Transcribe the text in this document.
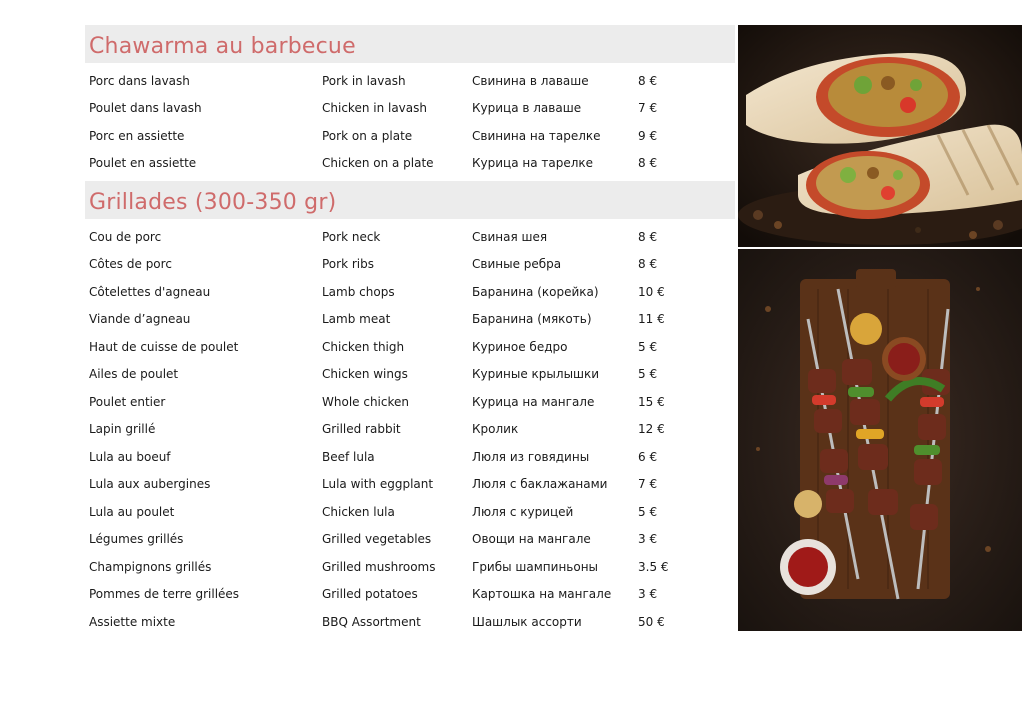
Chawarma au barbecue
Porc dans lavash	Pork in lavash	Свинина в лаваше	8 €
Poulet dans lavash	Chicken in lavash	Курица в лаваше	7 €
Porc en assiette	Pork on a plate	Свинина на тарелке	9 €
Poulet en assiette	Chicken on a plate	Курица на тарелке	8 €
Grillades (300-350 gr)
Cou de porc	Pork neck	Свиная шея	8 €
Côtes de porc	Pork ribs	Свиные ребра	8 €
Côtelettes d'agneau	Lamb chops	Баранина (корейка)	10 €
Viande d’agneau	Lamb meat	Баранина (мякоть)	11 €
Haut de cuisse de poulet	Chicken thigh	Куриное бедро	5 €
Ailes de poulet	Chicken wings	Куриные крылышки	5 €
Poulet entier	Whole chicken	Курица на мангале	15 €
Lapin grillé	Grilled rabbit	Кролик	12 €
Lula au boeuf	Beef lula	Люля из говядины	6 €
Lula aux aubergines	Lula with eggplant	Люля с баклажанами	7 €
Lula au poulet	Chicken lula	Люля с курицей	5 €
Légumes grillés	Grilled vegetables	Овощи на мангале	3 €
Champignons grillés	Grilled mushrooms	Грибы шампиньоны	3.5 €
Pommes de terre grillées	Grilled potatoes	Картошка на мангале	3 €
Assiette mixte	BBQ Assortment	Шашлык ассорти	50 €
